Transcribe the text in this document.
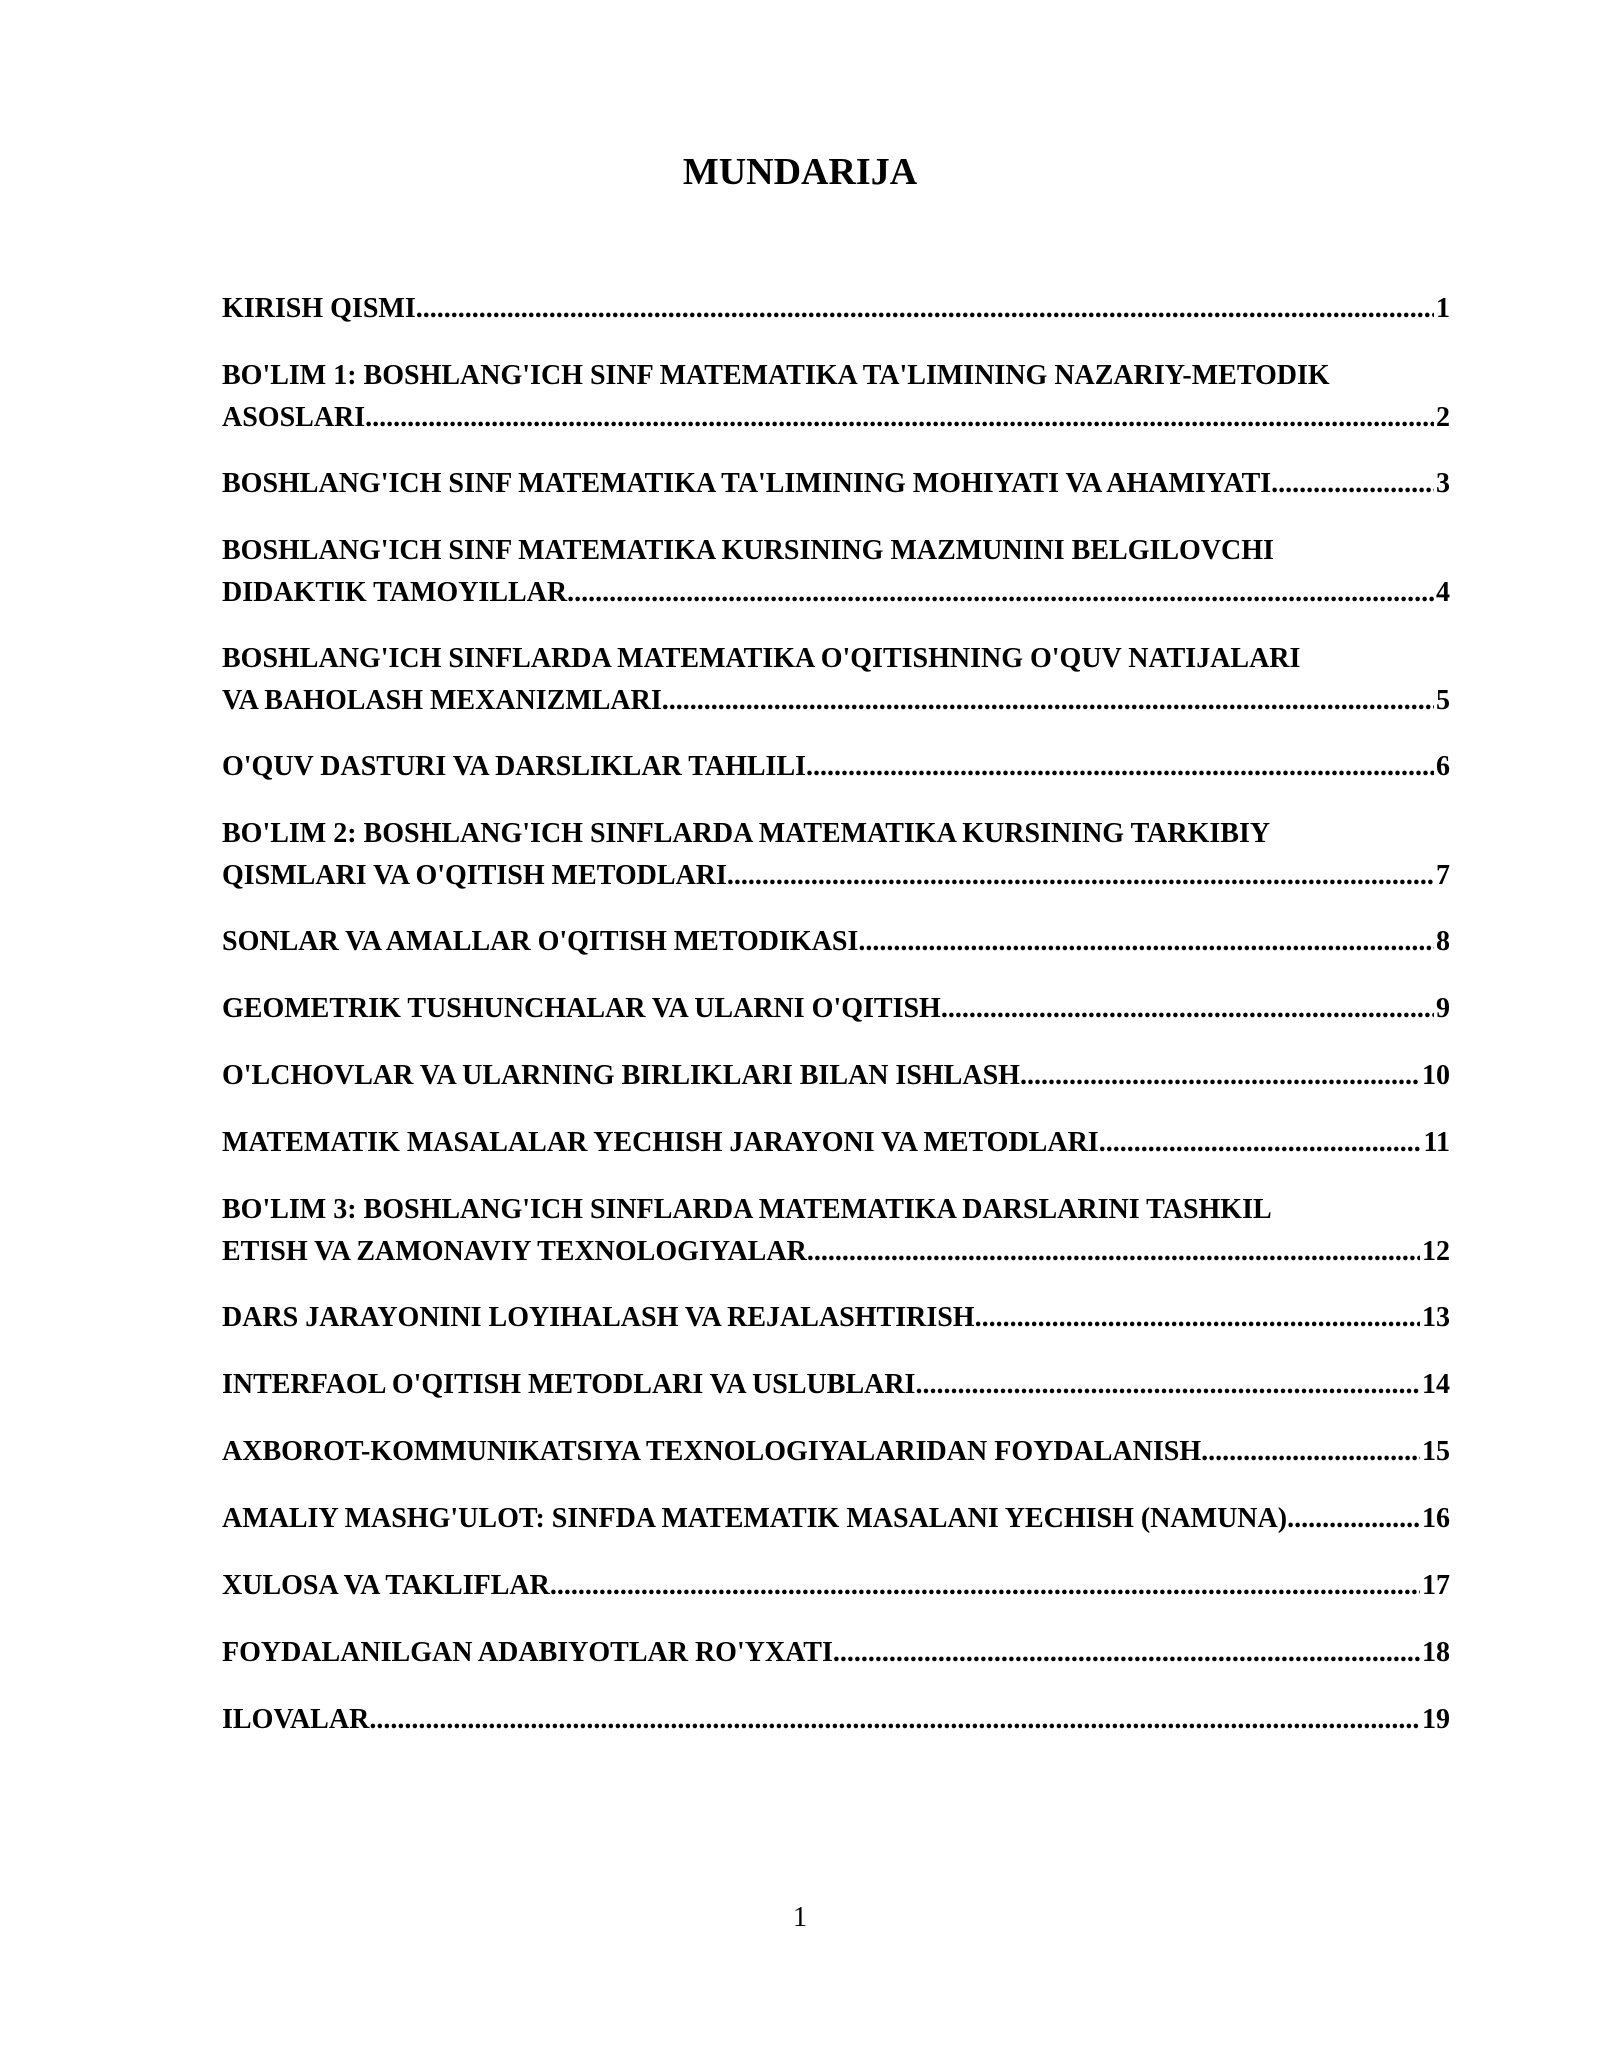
MUNDARIJA
KIRISH QISMI .....	1
BO'LIM 1: BOSHLANG'ICH SINF MATEMATIKA TA'LIMINING NAZARIY-METODIK
ASOSLARI .....	2
BOSHLANG'ICH SINF MATEMATIKA TA'LIMINING MOHIYATI VA AHAMIYATI .....	3
BOSHLANG'ICH SINF MATEMATIKA KURSINING MAZMUNINI BELGILOVCHI
DIDAKTIK TAMOYILLAR .....	4
BOSHLANG'ICH SINFLARDA MATEMATIKA O'QITISHNING O'QUV NATIJALARI
VA BAHOLASH MEXANIZMLARI .....	5
O'QUV DASTURI VA DARSLIKLAR TAHLILI .....	6
BO'LIM 2: BOSHLANG'ICH SINFLARDA MATEMATIKA KURSINING TARKIBIY
QISMLARI VA O'QITISH METODLARI .....	7
SONLAR VA AMALLAR O'QITISH METODIKASI .....	8
GEOMETRIK TUSHUNCHALAR VA ULARNI O'QITISH .....	9
O'LCHOVLAR VA ULARNING BIRLIKLARI BILAN ISHLASH .....	10
MATEMATIK MASALALAR YECHISH JARAYONI VA METODLARI .....	11
BO'LIM 3: BOSHLANG'ICH SINFLARDA MATEMATIKA DARSLARINI TASHKIL
ETISH VA ZAMONAVIY TEXNOLOGIYALAR .....	12
DARS JARAYONINI LOYIHALASH VA REJALASHTIRISH .....	13
INTERFAOL O'QITISH METODLARI VA USLUBLARI .....	14
AXBOROT-KOMMUNIKATSIYA TEXNOLOGIYALARIDAN FOYDALANISH .....	15
AMALIY MASHG'ULOT: SINFDA MATEMATIK MASALANI YECHISH (NAMUNA) .....	16
XULOSA VA TAKLIFLAR .....	17
FOYDALANILGAN ADABIYOTLAR RO'YXATI .....	18
ILOVALAR .....	19
1
